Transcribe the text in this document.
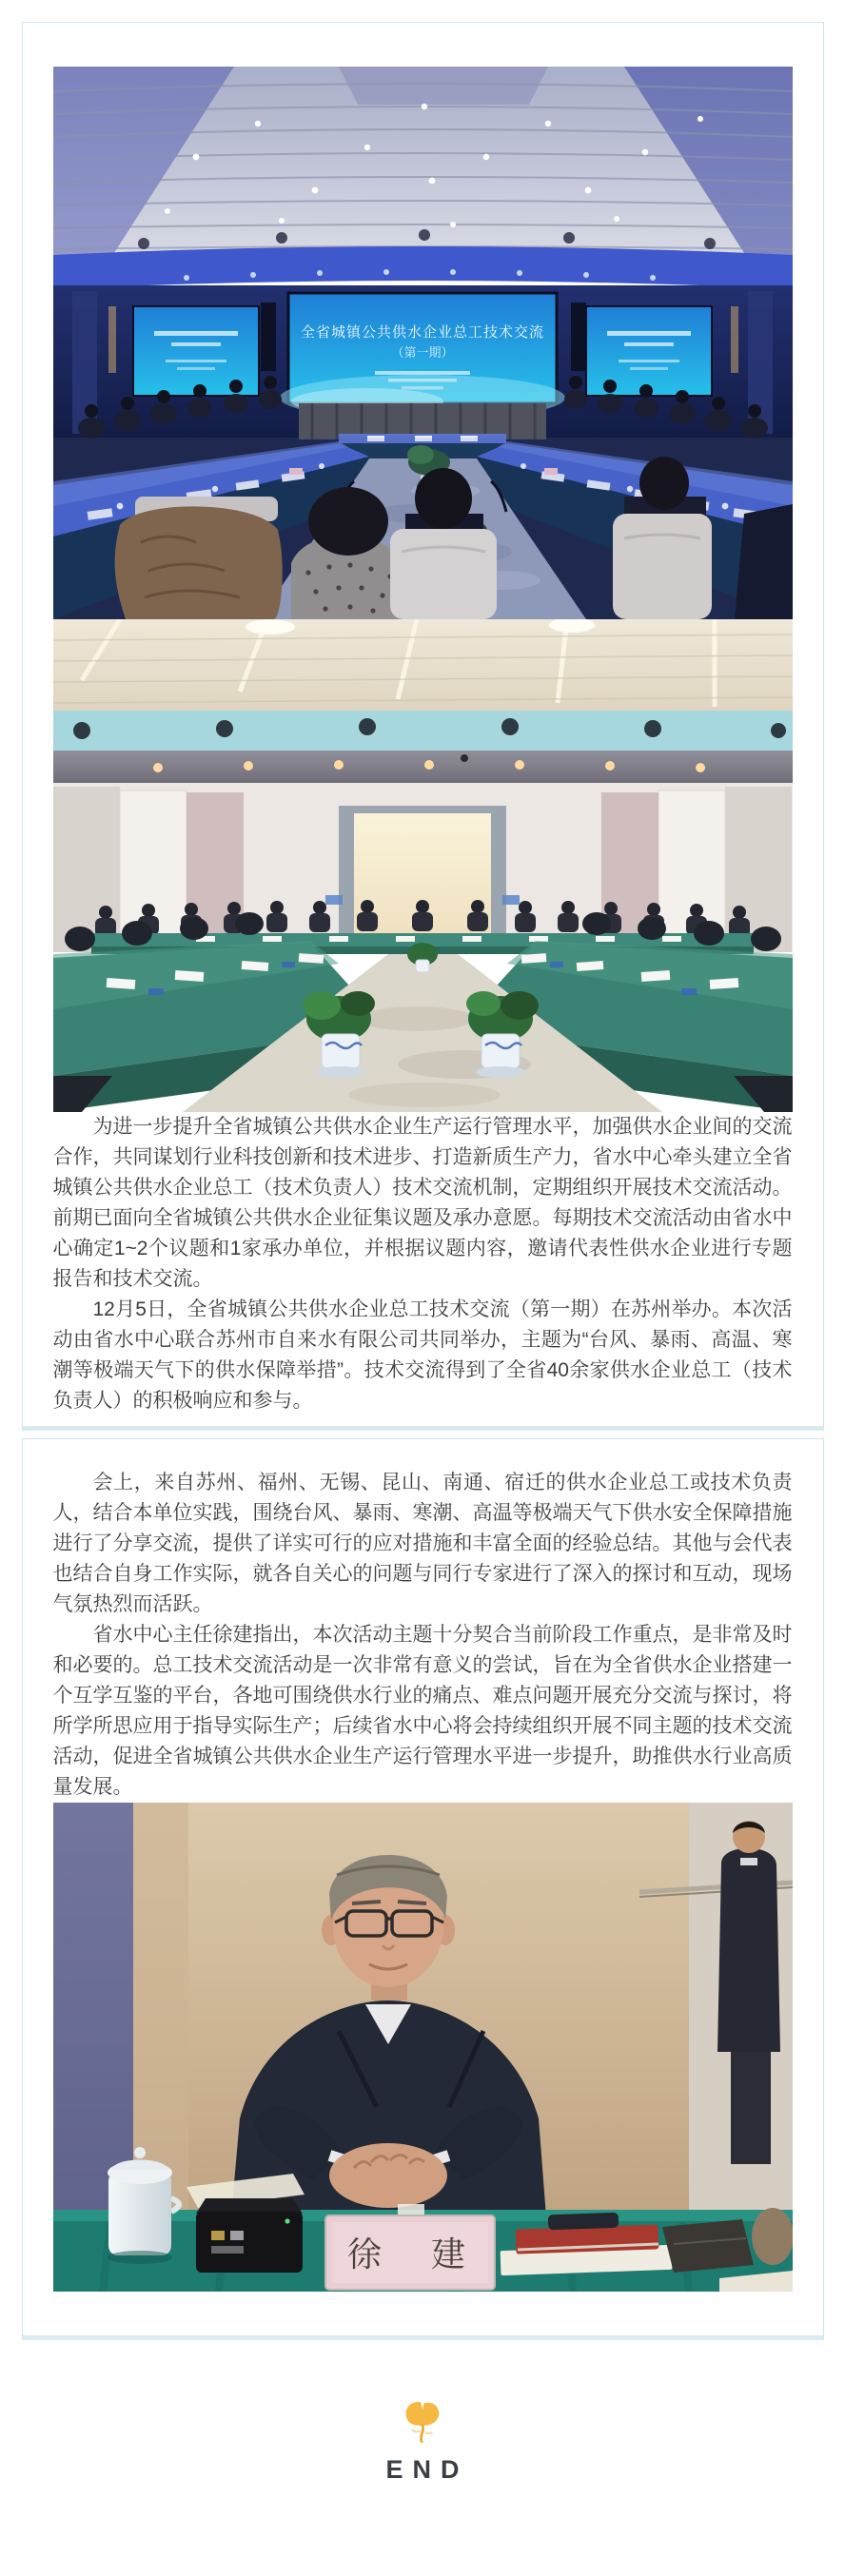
全省城镇公共供水企业总工技术交流
（第一期）

为进一步提升全省城镇公共供水企业生产运行管理水平，加强供水企业间的交流合作，共同谋划行业科技创新和技术进步、打造新质生产力，省水中心牵头建立全省城镇公共供水企业总工（技术负责人）技术交流机制，定期组织开展技术交流活动。前期已面向全省城镇公共供水企业征集议题及承办意愿。每期技术交流活动由省水中心确定1~2个议题和1家承办单位，并根据议题内容，邀请代表性供水企业进行专题报告和技术交流。

12月5日，全省城镇公共供水企业总工技术交流（第一期）在苏州举办。本次活动由省水中心联合苏州市自来水有限公司共同举办，主题为“台风、暴雨、高温、寒潮等极端天气下的供水保障举措”。技术交流得到了全省40余家供水企业总工（技术负责人）的积极响应和参与。

会上，来自苏州、福州、无锡、昆山、南通、宿迁的供水企业总工或技术负责人，结合本单位实践，围绕台风、暴雨、寒潮、高温等极端天气下供水安全保障措施进行了分享交流，提供了详实可行的应对措施和丰富全面的经验总结。其他与会代表也结合自身工作实际，就各自关心的问题与同行专家进行了深入的探讨和互动，现场气氛热烈而活跃。

省水中心主任徐建指出，本次活动主题十分契合当前阶段工作重点，是非常及时和必要的。总工技术交流活动是一次非常有意义的尝试，旨在为全省供水企业搭建一个互学互鉴的平台，各地可围绕供水行业的痛点、难点问题开展充分交流与探讨，将所学所思应用于指导实际生产；后续省水中心将会持续组织开展不同主题的技术交流活动，促进全省城镇公共供水企业生产运行管理水平进一步提升，助推供水行业高质量发展。

徐　建
END
